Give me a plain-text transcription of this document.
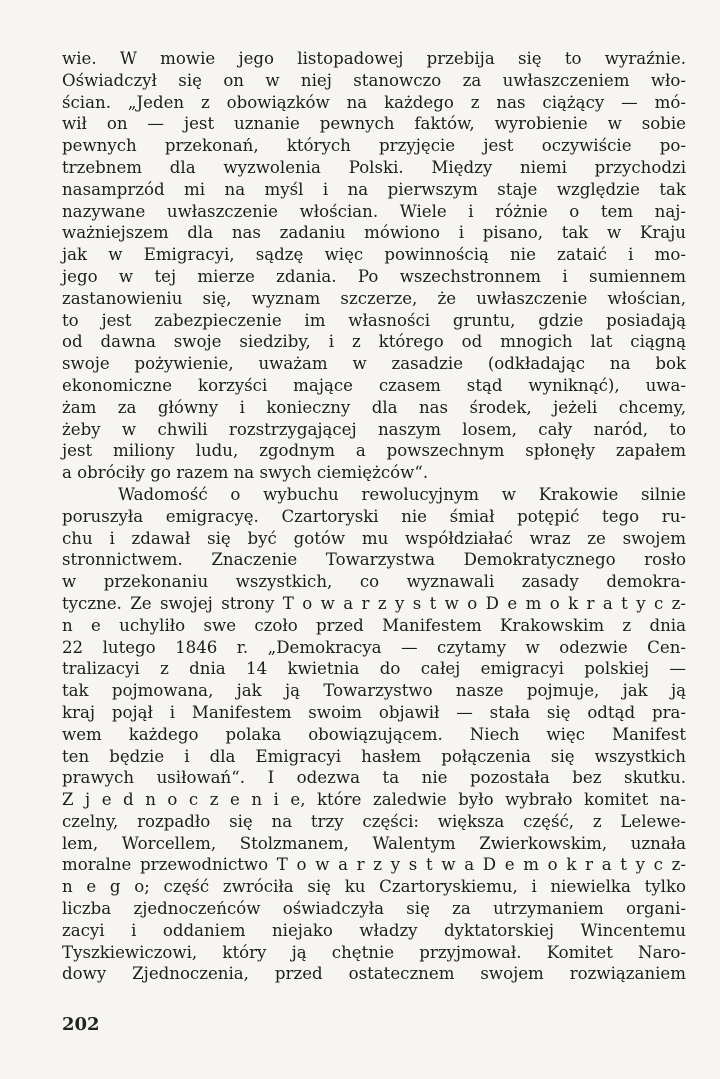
wie. W mowie jego listopadowej przebija się to wyraźnie.
Oświadczył się on w niej stanowczo za uwłaszczeniem wło-
ścian. „Jeden z obowiązków na każdego z nas ciążący — mó-
wił on — jest uznanie pewnych faktów, wyrobienie w sobie
pewnych przekonań, których przyjęcie jest oczywiście po-
trzebnem dla wyzwolenia Polski. Między niemi przychodzi
nasamprzód mi na myśl i na pierwszym staje względzie tak
nazywane uwłaszczenie włościan. Wiele i różnie o tem naj-
ważniejszem dla nas zadaniu mówiono i pisano, tak w Kraju
jak w Emigracyi, sądzę więc powinnością nie zataić i mo-
jego w tej mierze zdania. Po wszechstronnem i sumiennem
zastanowieniu się, wyznam szczerze, że uwłaszczenie włościan,
to jest zabezpieczenie im własności gruntu, gdzie posiadają
od dawna swoje siedziby, i z którego od mnogich lat ciągną
swoje pożywienie, uważam w zasadzie (odkładając na bok
ekonomiczne korzyści mające czasem stąd wyniknąć), uwa-
żam za główny i konieczny dla nas środek, jeżeli chcemy,
żeby w chwili rozstrzygającej naszym losem, cały naród, to
jest miliony ludu, zgodnym a powszechnym spłonęły zapałem
a obróciły go razem na swych ciemiężców“.
Wadomość o wybuchu rewolucyjnym w Krakowie silnie
poruszyła emigracyę. Czartoryski nie śmiał potępić tego ru-
chu i zdawał się być gotów mu współdziałać wraz ze swojem
stronnictwem. Znaczenie Towarzystwa Demokratycznego rosło
w przekonaniu wszystkich, co wyznawali zasady demokra-
tyczne. Ze swojej strony T o w a r z y s t w o D e m o k r a t y c z-
n e uchyliło swe czoło przed Manifestem Krakowskim z dnia
22 lutego 1846 r. „Demokracya — czytamy w odezwie Cen-
tralizacyi z dnia 14 kwietnia do całej emigracyi polskiej —
tak pojmowana, jak ją Towarzystwo nasze pojmuje, jak ją
kraj pojął i Manifestem swoim objawił — stała się odtąd pra-
wem każdego polaka obowiązującem. Niech więc Manifest
ten będzie i dla Emigracyi hasłem połączenia się wszystkich
prawych usiłowań“. I odezwa ta nie pozostała bez skutku.
Z j e d n o c z e n i e, które zaledwie było wybrało komitet na-
czelny, rozpadło się na trzy części: większa część, z Lelewe-
lem, Worcellem, Stolzmanem, Walentym Zwierkowskim, uznała
moralne przewodnictwo T o w a r z y s t w a D e m o k r a t y c z-
n e g o; część zwróciła się ku Czartoryskiemu, i niewielka tylko
liczba zjednoczeńców oświadczyła się za utrzymaniem organi-
zacyi i oddaniem niejako władzy dyktatorskiej Wincentemu
Tyszkiewiczowi, który ją chętnie przyjmował. Komitet Naro-
dowy Zjednoczenia, przed ostatecznem swojem rozwiązaniem
202
